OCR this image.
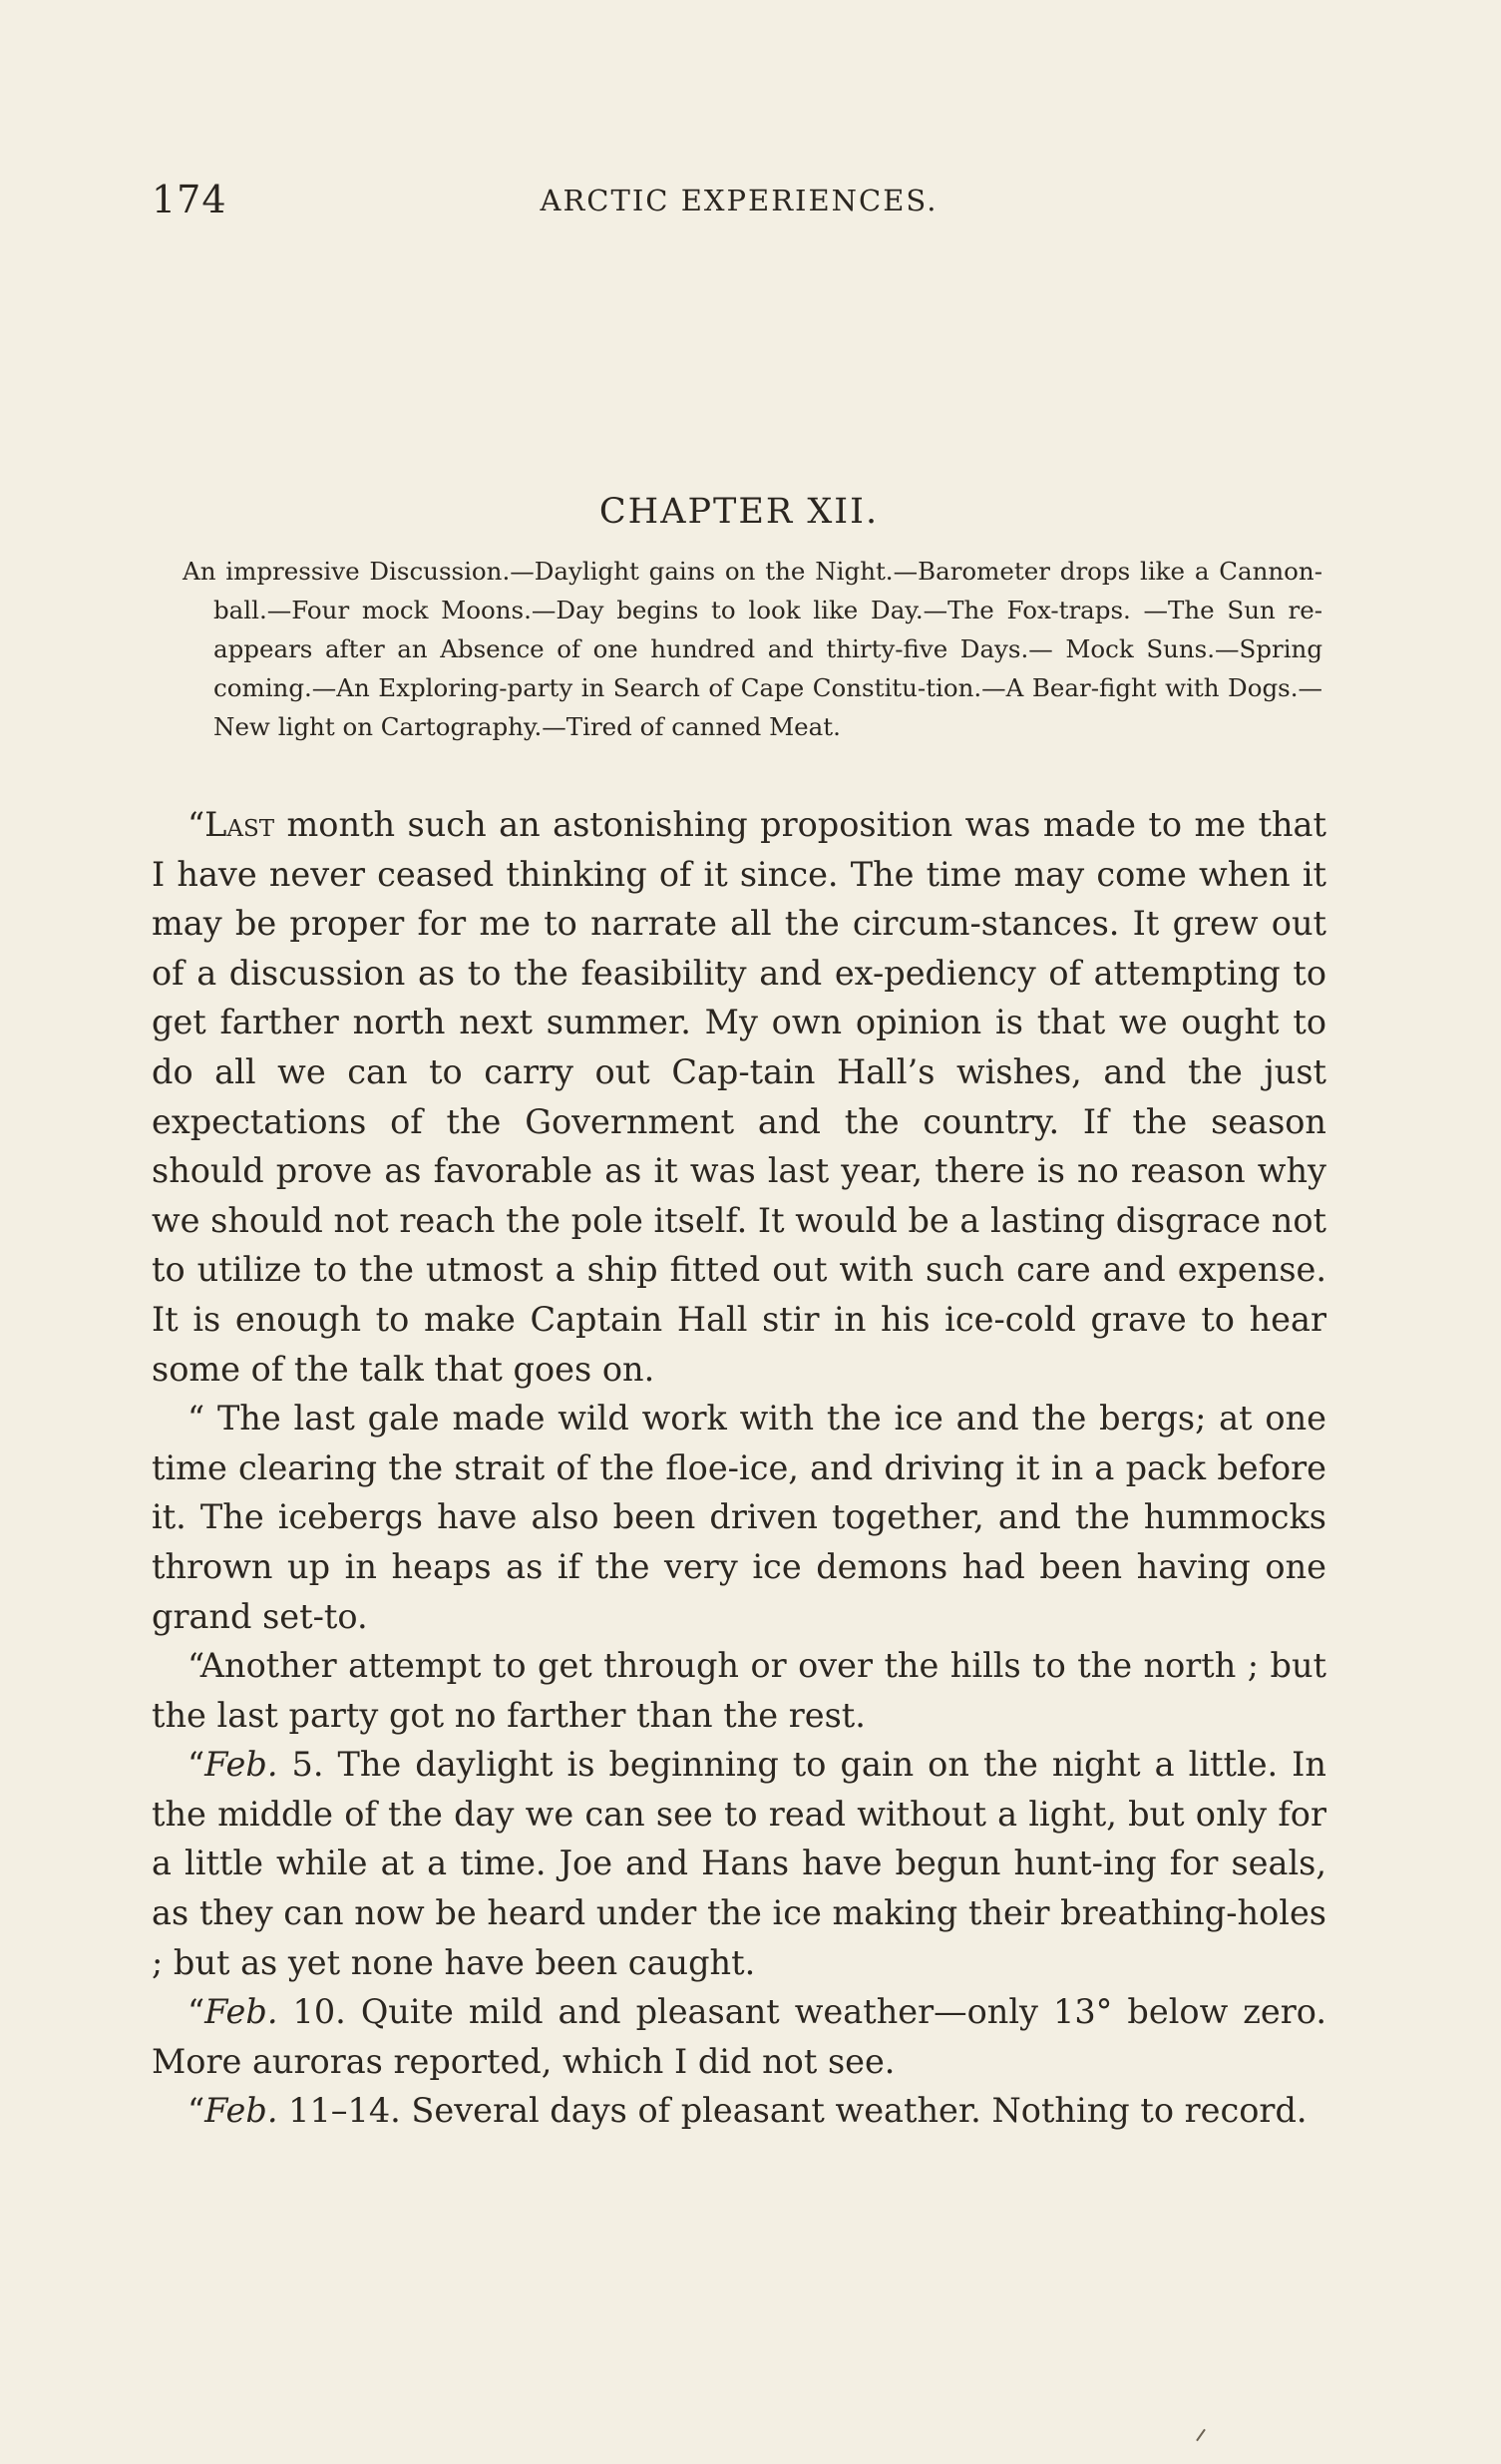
174	ARCTIC EXPERIENCES.
CHAPTER XII.

An impressive Discussion.—Daylight gains on the Night.—Barometer drops like a Cannon-ball.—Four mock Moons.—Day begins to look like Day.—The Fox-traps. —The Sun re-appears after an Absence of one hundred and thirty-five Days.— Mock Suns.—Spring coming.—An Exploring-party in Search of Cape Constitu-tion.—A Bear-fight with Dogs.—New light on Cartography.—Tired of canned Meat.

“Last month such an astonishing proposition was made to me that I have never ceased thinking of it since. The time may come when it may be proper for me to narrate all the circum-stances. It grew out of a discussion as to the feasibility and ex-pediency of attempting to get farther north next summer. My own opinion is that we ought to do all we can to carry out Cap-tain Hall’s wishes, and the just expectations of the Government and the country. If the season should prove as favorable as it was last year, there is no reason why we should not reach the pole itself. It would be a lasting disgrace not to utilize to the utmost a ship fitted out with such care and expense. It is enough to make Captain Hall stir in his ice-cold grave to hear some of the talk that goes on.

“ The last gale made wild work with the ice and the bergs; at one time clearing the strait of the floe-ice, and driving it in a pack before it. The icebergs have also been driven together, and the hummocks thrown up in heaps as if the very ice demons had been having one grand set-to.

“Another attempt to get through or over the hills to the north ; but the last party got no farther than the rest.

“Feb. 5. The daylight is beginning to gain on the night a little. In the middle of the day we can see to read without a light, but only for a little while at a time. Joe and Hans have begun hunt-ing for seals, as they can now be heard under the ice making their breathing-holes ; but as yet none have been caught.

“Feb. 10. Quite mild and pleasant weather—only 13° below zero. More auroras reported, which I did not see.

“Feb. 11–14. Several days of pleasant weather. Nothing to record.
